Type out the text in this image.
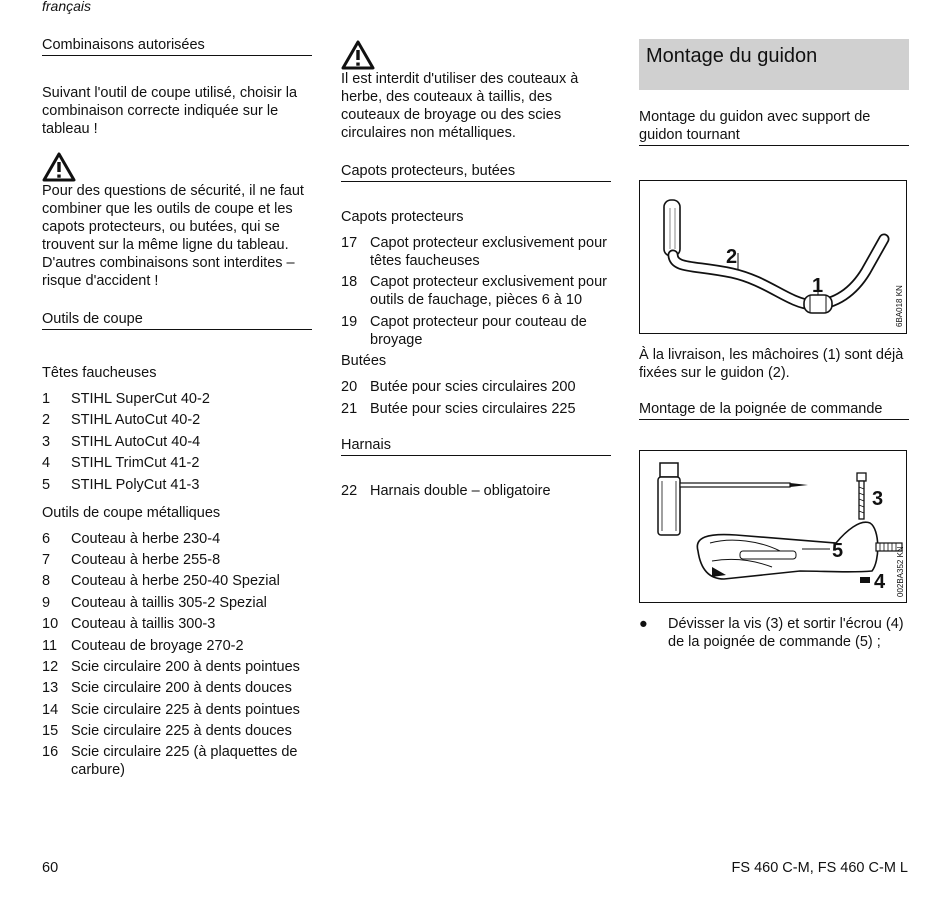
français
Combinaisons autorisées
Suivant l'outil de coupe utilisé, choisir la combinaison correcte indiquée sur le tableau !
Pour des questions de sécurité, il ne faut combiner que les outils de coupe et les capots protecteurs, ou butées, qui se trouvent sur la même ligne du tableau. D'autres combinaisons sont interdites – risque d'accident !
Outils de coupe
Têtes faucheuses
1	STIHL SuperCut 40-2
2	STIHL AutoCut 40-2
3	STIHL AutoCut 40-4
4	STIHL TrimCut 41-2
5	STIHL PolyCut 41-3
Outils de coupe métalliques
6	Couteau à herbe 230-4
7	Couteau à herbe 255-8
8	Couteau à herbe 250-40 Spezial
9	Couteau à taillis 305-2 Spezial
10 Couteau à taillis 300-3
11 Couteau de broyage 270-2
12 Scie circulaire 200 à dents pointues
13 Scie circulaire 200 à dents douces
14 Scie circulaire 225 à dents pointues
15 Scie circulaire 225 à dents douces
16 Scie circulaire 225 (à plaquettes de carbure)
Il est interdit d'utiliser des couteaux à herbe, des couteaux à taillis, des couteaux de broyage ou des scies circulaires non métalliques.
Capots protecteurs, butées
Capots protecteurs
17 Capot protecteur exclusivement pour têtes faucheuses
18 Capot protecteur exclusivement pour outils de fauchage, pièces 6 à 10
19 Capot protecteur pour couteau de broyage
Butées
20 Butée pour scies circulaires 200
21 Butée pour scies circulaires 225
Harnais
22 Harnais double – obligatoire
Montage du guidon
Montage du guidon avec support de guidon tournant
2
1	6BA018 KN
À la livraison, les mâchoires (1) sont déjà fixées sur le guidon (2).
Montage de la poignée de commande
3
5
4 002BA352 KN
●	Dévisser la vis (3) et sortir l'écrou (4) de la poignée de commande (5) ;
60	FS 460 C-M, FS 460 C-M L
